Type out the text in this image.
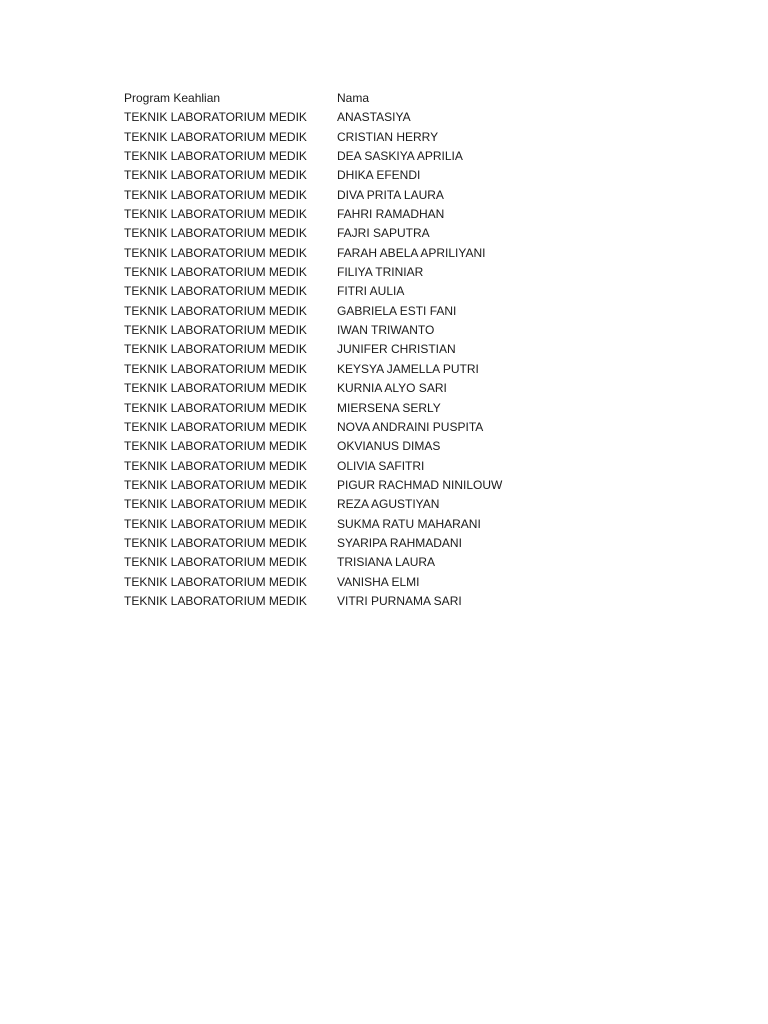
Program Keahlian	Nama
TEKNIK LABORATORIUM MEDIK	ANASTASIYA
TEKNIK LABORATORIUM MEDIK	CRISTIAN HERRY
TEKNIK LABORATORIUM MEDIK	DEA SASKIYA APRILIA
TEKNIK LABORATORIUM MEDIK	DHIKA EFENDI
TEKNIK LABORATORIUM MEDIK	DIVA PRITA LAURA
TEKNIK LABORATORIUM MEDIK	FAHRI RAMADHAN
TEKNIK LABORATORIUM MEDIK	FAJRI SAPUTRA
TEKNIK LABORATORIUM MEDIK	FARAH ABELA APRILIYANI
TEKNIK LABORATORIUM MEDIK	FILIYA TRINIAR
TEKNIK LABORATORIUM MEDIK	FITRI AULIA
TEKNIK LABORATORIUM MEDIK	GABRIELA ESTI FANI
TEKNIK LABORATORIUM MEDIK	IWAN TRIWANTO
TEKNIK LABORATORIUM MEDIK	JUNIFER CHRISTIAN
TEKNIK LABORATORIUM MEDIK	KEYSYA JAMELLA PUTRI
TEKNIK LABORATORIUM MEDIK	KURNIA ALYO SARI
TEKNIK LABORATORIUM MEDIK	MIERSENA SERLY
TEKNIK LABORATORIUM MEDIK	NOVA ANDRAINI PUSPITA
TEKNIK LABORATORIUM MEDIK	OKVIANUS DIMAS
TEKNIK LABORATORIUM MEDIK	OLIVIA SAFITRI
TEKNIK LABORATORIUM MEDIK	PIGUR RACHMAD NINILOUW
TEKNIK LABORATORIUM MEDIK	REZA AGUSTIYAN
TEKNIK LABORATORIUM MEDIK	SUKMA RATU MAHARANI
TEKNIK LABORATORIUM MEDIK	SYARIPA RAHMADANI
TEKNIK LABORATORIUM MEDIK	TRISIANA LAURA
TEKNIK LABORATORIUM MEDIK	VANISHA ELMI
TEKNIK LABORATORIUM MEDIK	VITRI PURNAMA SARI
